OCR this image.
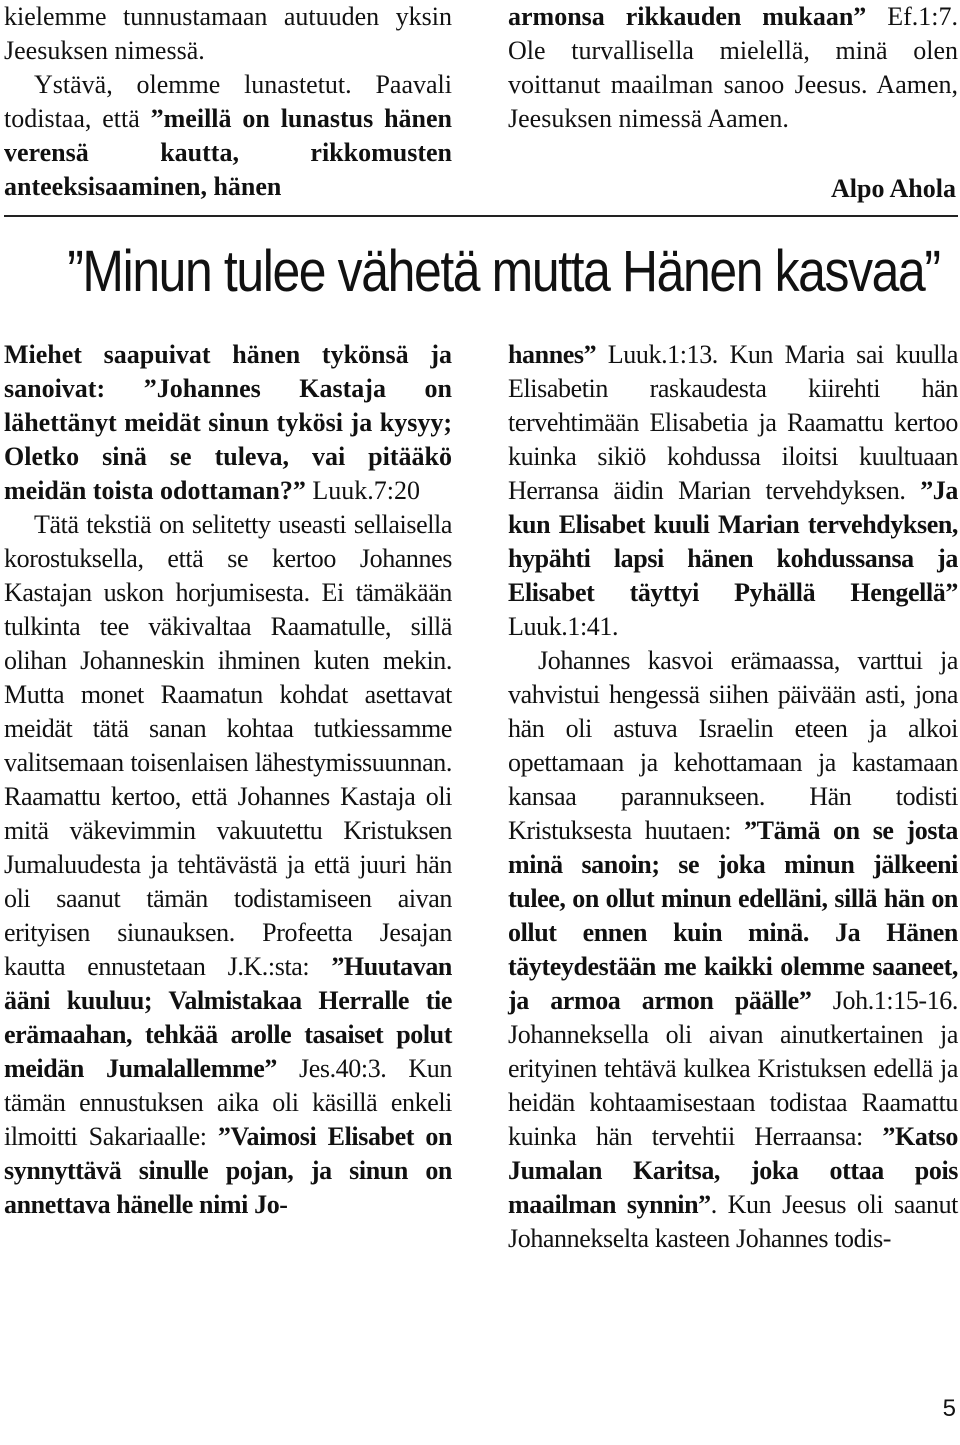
kielemme tunnustamaan autuuden yksin Jeesuksen nimessä.

Ystävä, olemme lunastetut. Paavali todistaa, että ”meillä on lunastus hänen verensä kautta, rikkomusten anteeksisaaminen, hänen

armonsa rikkauden mukaan” Ef.1:7. Ole turvallisella mielellä, minä olen voittanut maailman sanoo Jeesus. Aamen, Jeesuksen nimessä Aamen.

Alpo Ahola
”Minun tulee vähetä mutta Hänen kasvaa”

Miehet saapuivat hänen tykönsä ja sanoivat: ”Johannes Kastaja on lähettänyt meidät sinun tykösi ja kysyy; Oletko sinä se tuleva, vai pitääkö meidän toista odottaman?” Luuk.7:20

Tätä tekstiä on selitetty useasti sellaisella korostuksella, että se kertoo Johannes Kastajan uskon horjumisesta. Ei tämäkään tulkinta tee väkivaltaa Raamatulle, sillä olihan Johanneskin ihminen kuten mekin. Mutta monet Raamatun kohdat asettavat meidät tätä sanan kohtaa tutkiessamme valitsemaan toisenlaisen lähestymissuunnan. Raamattu kertoo, että Johannes Kastaja oli mitä väkevimmin vakuutettu Kristuksen Jumaluudesta ja tehtävästä ja että juuri hän oli saanut tämän todistamiseen aivan erityisen siunauksen. Profeetta Jesajan kautta ennustetaan J.K.:sta: ”Huutavan ääni kuuluu; Valmistakaa Herralle tie erämaahan, tehkää arolle tasaiset polut meidän Jumalallemme” Jes.40:3. Kun tämän ennustuksen aika oli käsillä enkeli ilmoitti Sakariaalle: ”Vaimosi Elisabet on synnyttävä sinulle pojan, ja sinun on annettava hänelle nimi Jo-

hannes” Luuk.1:13. Kun Maria sai kuulla Elisabetin raskaudesta kiirehti hän tervehtimään Elisabetia ja Raamattu kertoo kuinka sikiö kohdussa iloitsi kuultuaan Herransa äidin Marian tervehdyksen. ”Ja kun Elisabet kuuli Marian tervehdyksen, hypähti lapsi hänen kohdussansa ja Elisabet täyttyi Pyhällä Hengellä” Luuk.1:41.

Johannes kasvoi erämaassa, varttui ja vahvistui hengessä siihen päivään asti, jona hän oli astuva Israelin eteen ja alkoi opettamaan ja kehottamaan ja kastamaan kansaa parannukseen. Hän todisti Kristuksesta huutaen: ”Tämä on se josta minä sanoin; se joka minun jälkeeni tulee, on ollut minun edelläni, sillä hän on ollut ennen kuin minä. Ja Hänen täyteydestään me kaikki olemme saaneet, ja armoa armon päälle” Joh.1:15-16. Johanneksella oli aivan ainutkertainen ja erityinen tehtävä kulkea Kristuksen edellä ja heidän kohtaamisestaan todistaa Raamattu kuinka hän tervehtii Herraansa: ”Katso Jumalan Karitsa, joka ottaa pois maailman synnin”. Kun Jeesus oli saanut Johannekselta kasteen Johannes todis-

5
